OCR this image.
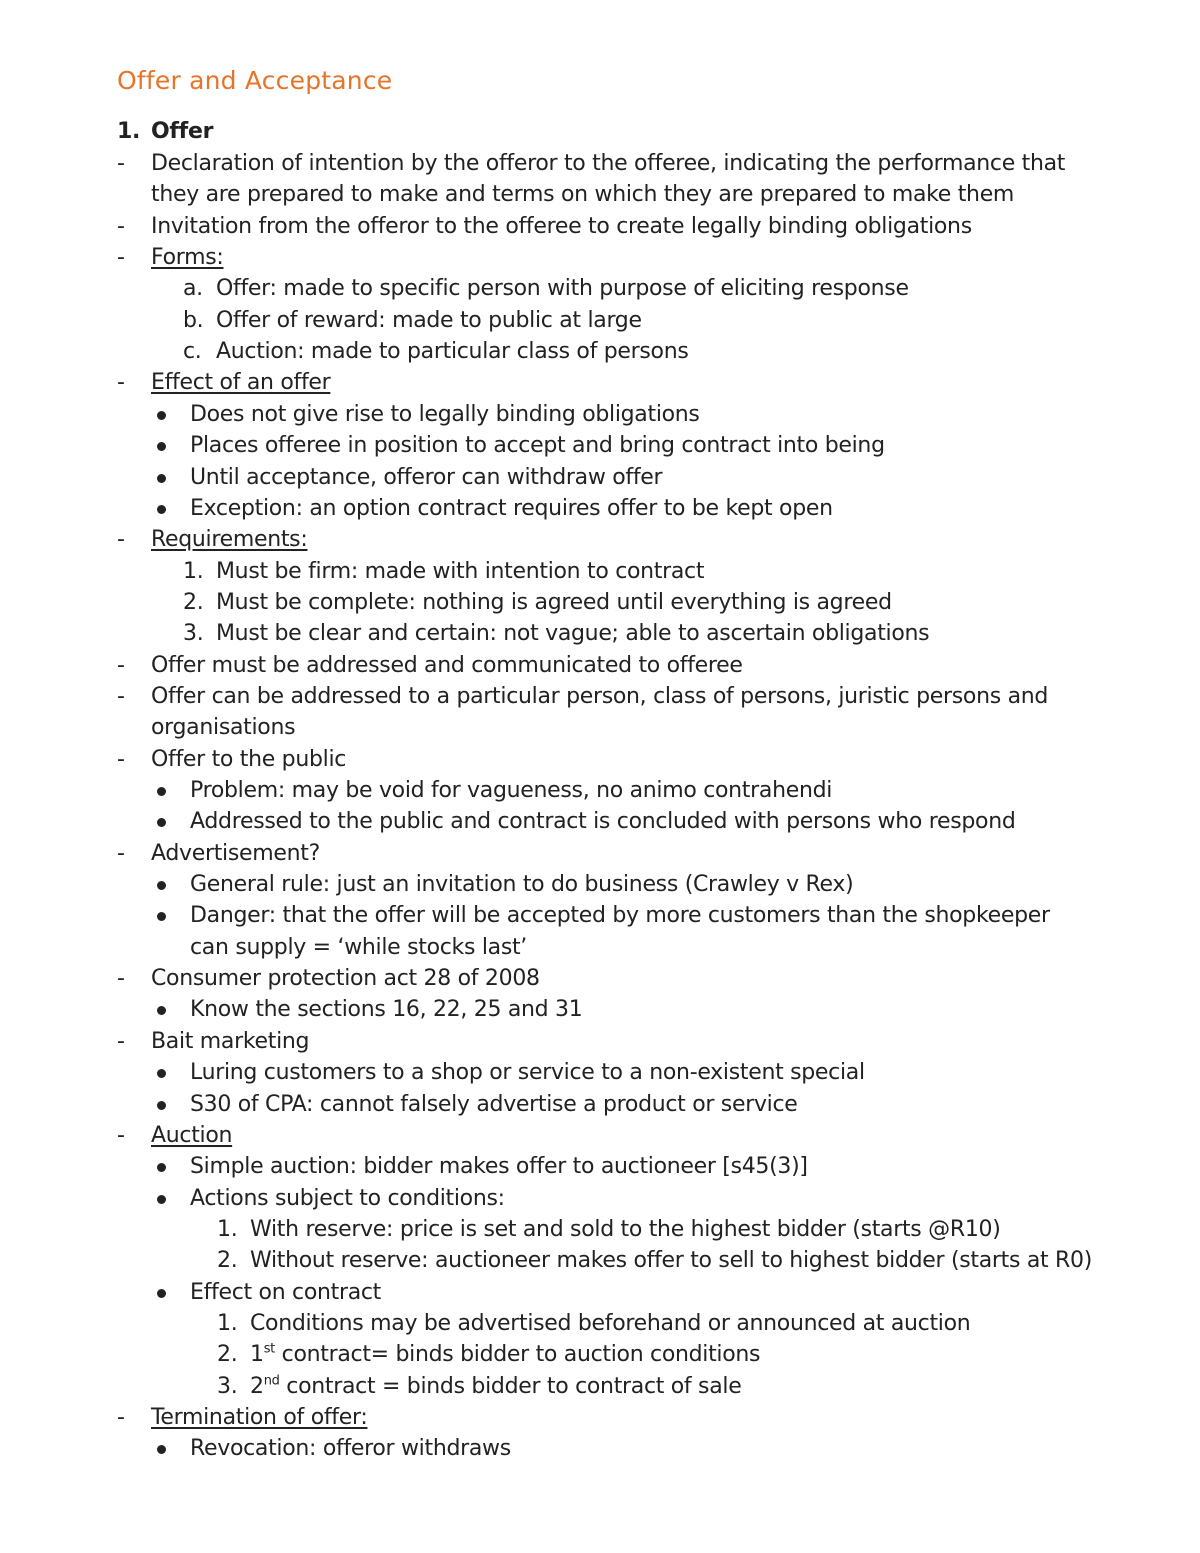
Offer and Acceptance
1. Offer
- Declaration of intention by the offeror to the offeree, indicating the performance that
they are prepared to make and terms on which they are prepared to make them
- Invitation from the offeror to the offeree to create legally binding obligations
- Forms:
a. Offer: made to specific person with purpose of eliciting response
b. Offer of reward: made to public at large
c. Auction: made to particular class of persons
- Effect of an offer
Does not give rise to legally binding obligations
Places offeree in position to accept and bring contract into being
Until acceptance, offeror can withdraw offer
Exception: an option contract requires offer to be kept open
- Requirements:
1. Must be firm: made with intention to contract
2. Must be complete: nothing is agreed until everything is agreed
3. Must be clear and certain: not vague; able to ascertain obligations
- Offer must be addressed and communicated to offeree
- Offer can be addressed to a particular person, class of persons, juristic persons and
organisations
- Offer to the public
Problem: may be void for vagueness, no animo contrahendi
Addressed to the public and contract is concluded with persons who respond
- Advertisement?
General rule: just an invitation to do business (Crawley v Rex)
Danger: that the offer will be accepted by more customers than the shopkeeper
can supply = ‘while stocks last’
- Consumer protection act 28 of 2008
Know the sections 16, 22, 25 and 31
- Bait marketing
Luring customers to a shop or service to a non-existent special
S30 of CPA: cannot falsely advertise a product or service
- Auction
Simple auction: bidder makes offer to auctioneer [s45(3)]
Actions subject to conditions:
1. With reserve: price is set and sold to the highest bidder (starts @R10)
2. Without reserve: auctioneer makes offer to sell to highest bidder (starts at R0)
Effect on contract
1. Conditions may be advertised beforehand or announced at auction
2. 1st contract= binds bidder to auction conditions
3. 2nd contract = binds bidder to contract of sale
- Termination of offer:
Revocation: offeror withdraws
